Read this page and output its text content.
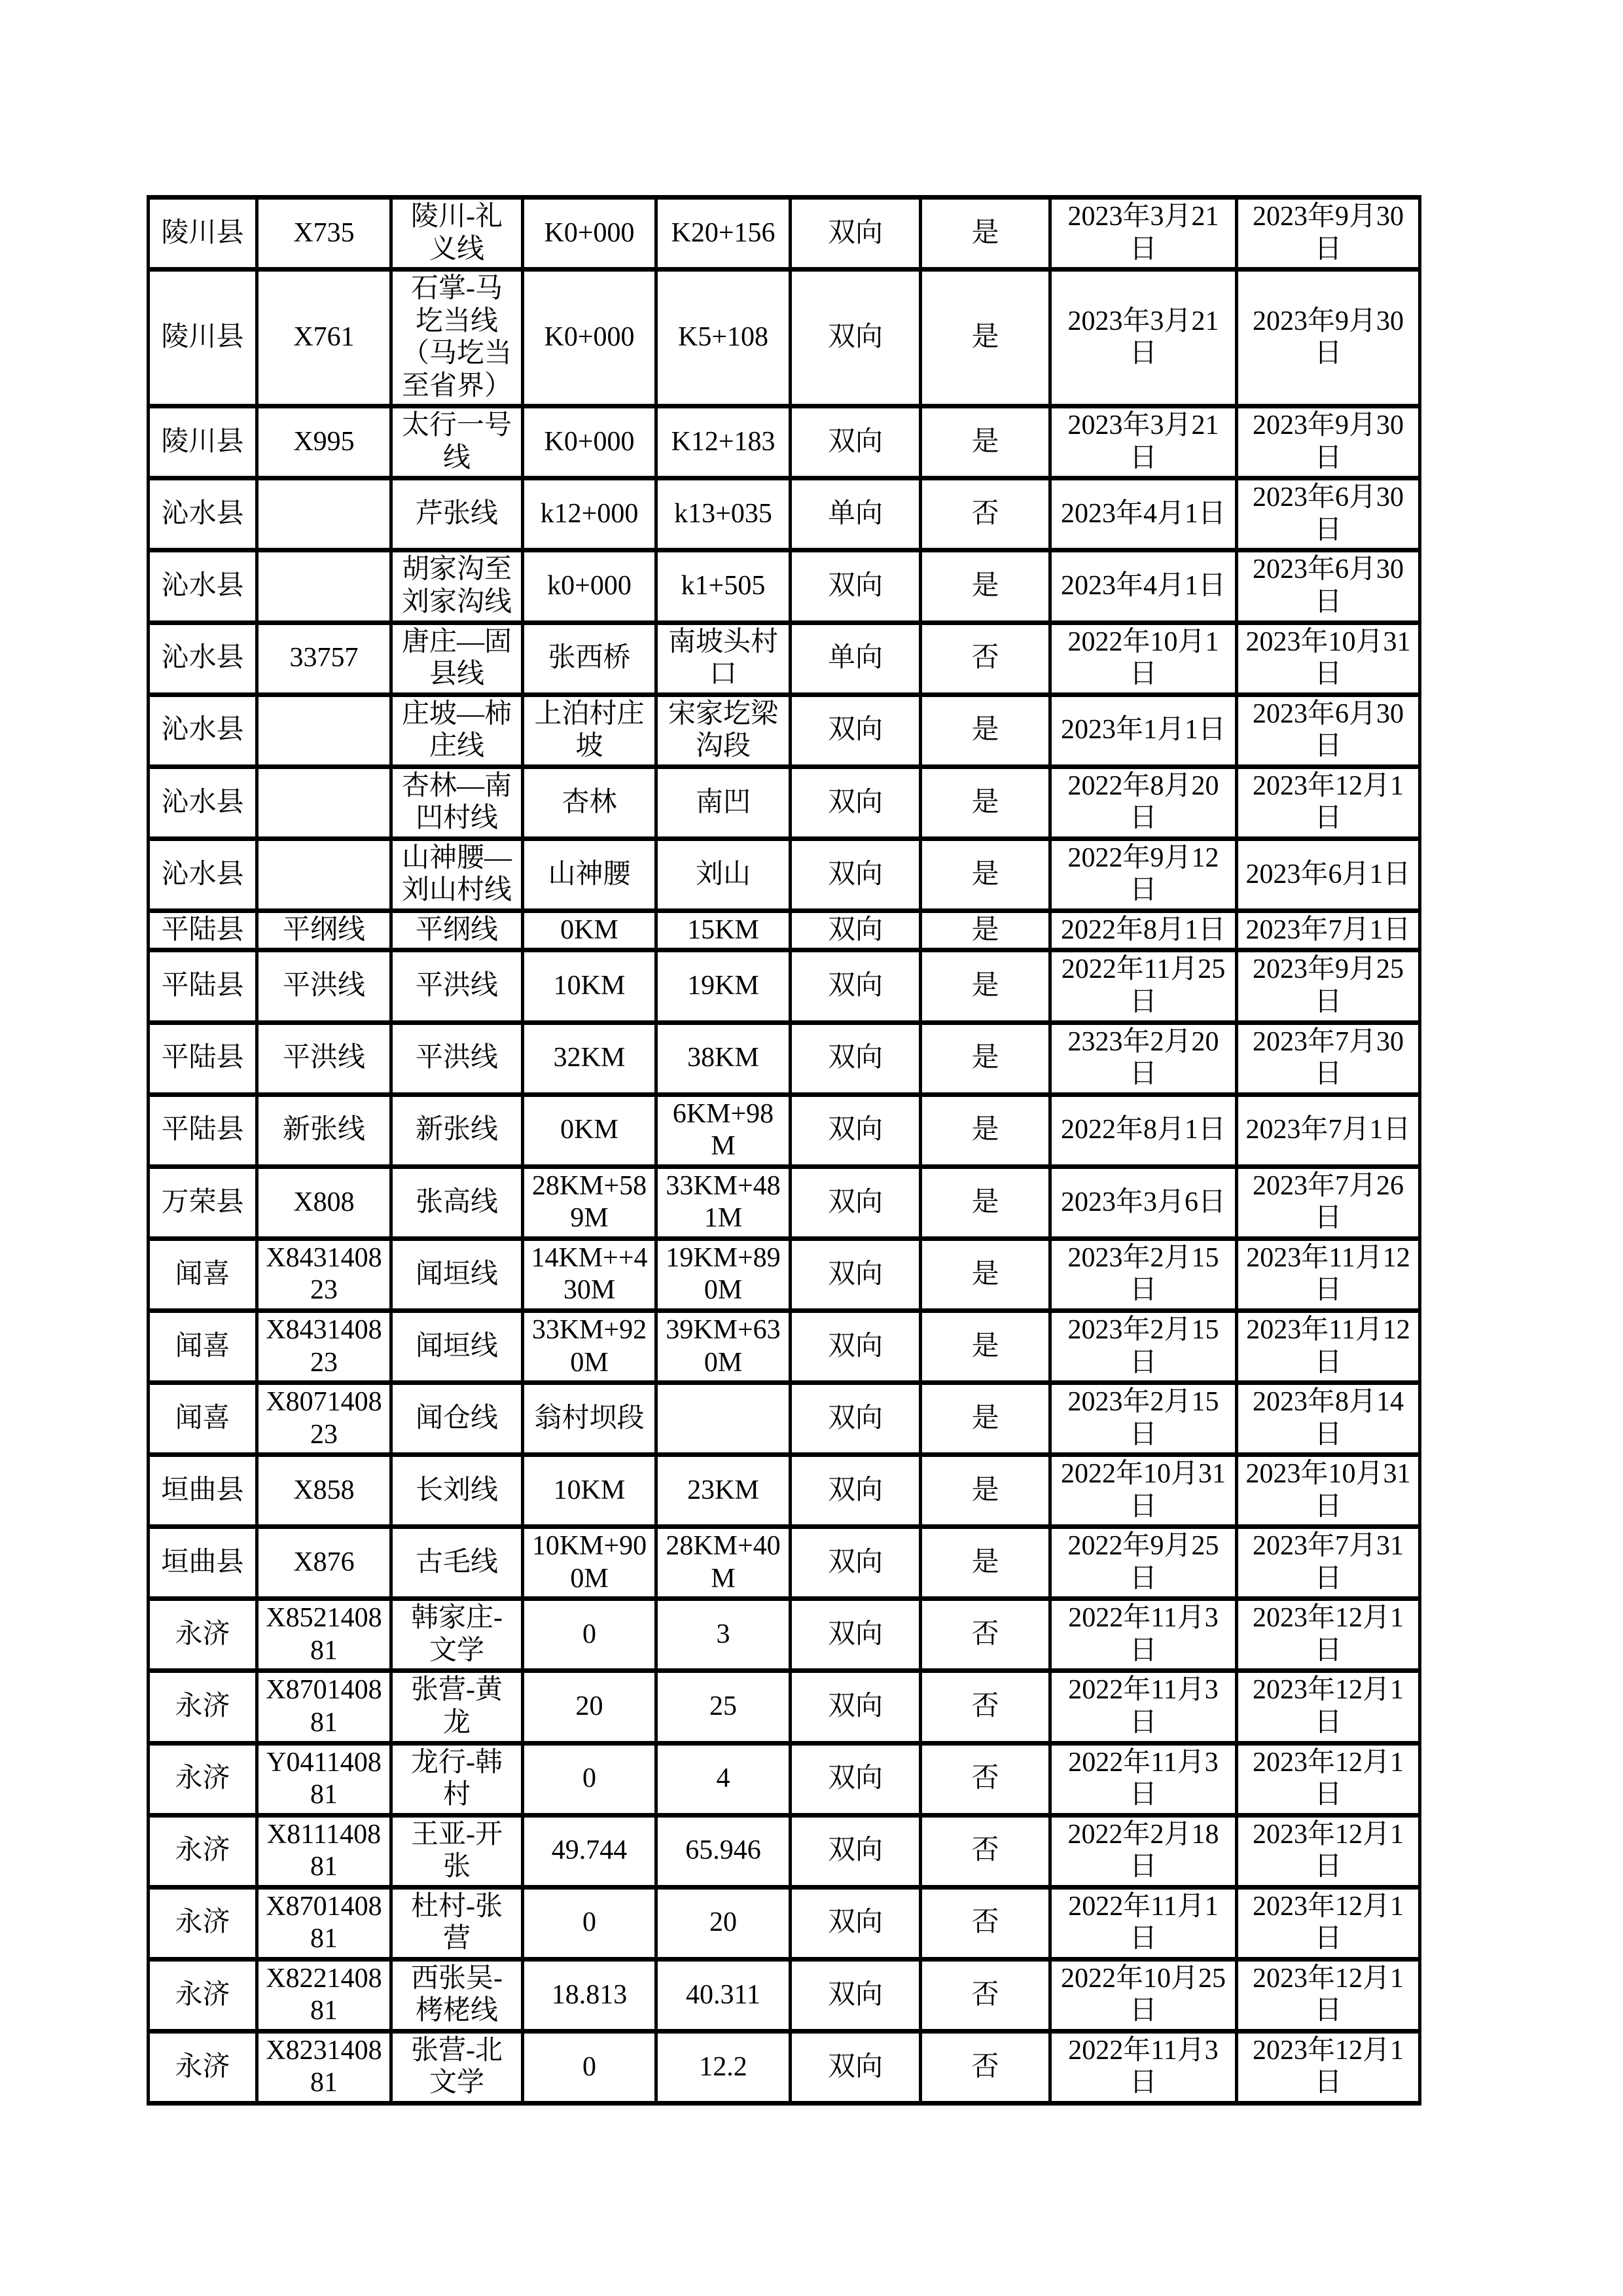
陵川县	X735	陵川-礼义线	K0+000	K20+156	双向	是	2023年3月21日	2023年9月30日
陵川县	X761	石掌-马圪当线（马圪当至省界）	K0+000	K5+108	双向	是	2023年3月21日	2023年9月30日
陵川县	X995	太行一号线	K0+000	K12+183	双向	是	2023年3月21日	2023年9月30日
沁水县		芹张线	k12+000	k13+035	单向	否	2023年4月1日	2023年6月30日
沁水县		胡家沟至刘家沟线	k0+000	k1+505	双向	是	2023年4月1日	2023年6月30日
沁水县	33757	唐庄—固县线	张西桥	南坡头村口	单向	否	2022年10月1日	2023年10月31日
沁水县		庄坡—柿庄线	上泊村庄坡	宋家圪梁沟段	双向	是	2023年1月1日	2023年6月30日
沁水县		杏林—南凹村线	杏林	南凹	双向	是	2022年8月20日	2023年12月1日
沁水县		山神腰—刘山村线	山神腰	刘山	双向	是	2022年9月12日	2023年6月1日
平陆县	平纲线	平纲线	0KM	15KM	双向	是	2022年8月1日	2023年7月1日
平陆县	平洪线	平洪线	10KM	19KM	双向	是	2022年11月25日	2023年9月25日
平陆县	平洪线	平洪线	32KM	38KM	双向	是	2323年2月20日	2023年7月30日
平陆县	新张线	新张线	0KM	6KM+98M	双向	是	2022年8月1日	2023年7月1日
万荣县	X808	张高线	28KM+589M	33KM+481M	双向	是	2023年3月6日	2023年7月26日
闻喜	X843140823	闻垣线	14KM++430M	19KM+890M	双向	是	2023年2月15日	2023年11月12日
闻喜	X843140823	闻垣线	33KM+920M	39KM+630M	双向	是	2023年2月15日	2023年11月12日
闻喜	X807140823	闻仓线	翁村坝段		双向	是	2023年2月15日	2023年8月14日
垣曲县	X858	长刘线	10KM	23KM	双向	是	2022年10月31日	2023年10月31日
垣曲县	X876	古毛线	10KM+900M	28KM+40M	双向	是	2022年9月25日	2023年7月31日
永济	X852140881	韩家庄-文学	0	3	双向	否	2022年11月3日	2023年12月1日
永济	X870140881	张营-黄龙	20	25	双向	否	2022年11月3日	2023年12月1日
永济	Y041140881	龙行-韩村	0	4	双向	否	2022年11月3日	2023年12月1日
永济	X811140881	王亚-开张	49.744	65.946	双向	否	2022年2月18日	2023年12月1日
永济	X870140881	杜村-张营	0	20	双向	否	2022年11月1日	2023年12月1日
永济	X822140881	西张吴-栲栳线	18.813	40.311	双向	否	2022年10月25日	2023年12月1日
永济	X823140881	张营-北文学	0	12.2	双向	否	2022年11月3日	2023年12月1日
